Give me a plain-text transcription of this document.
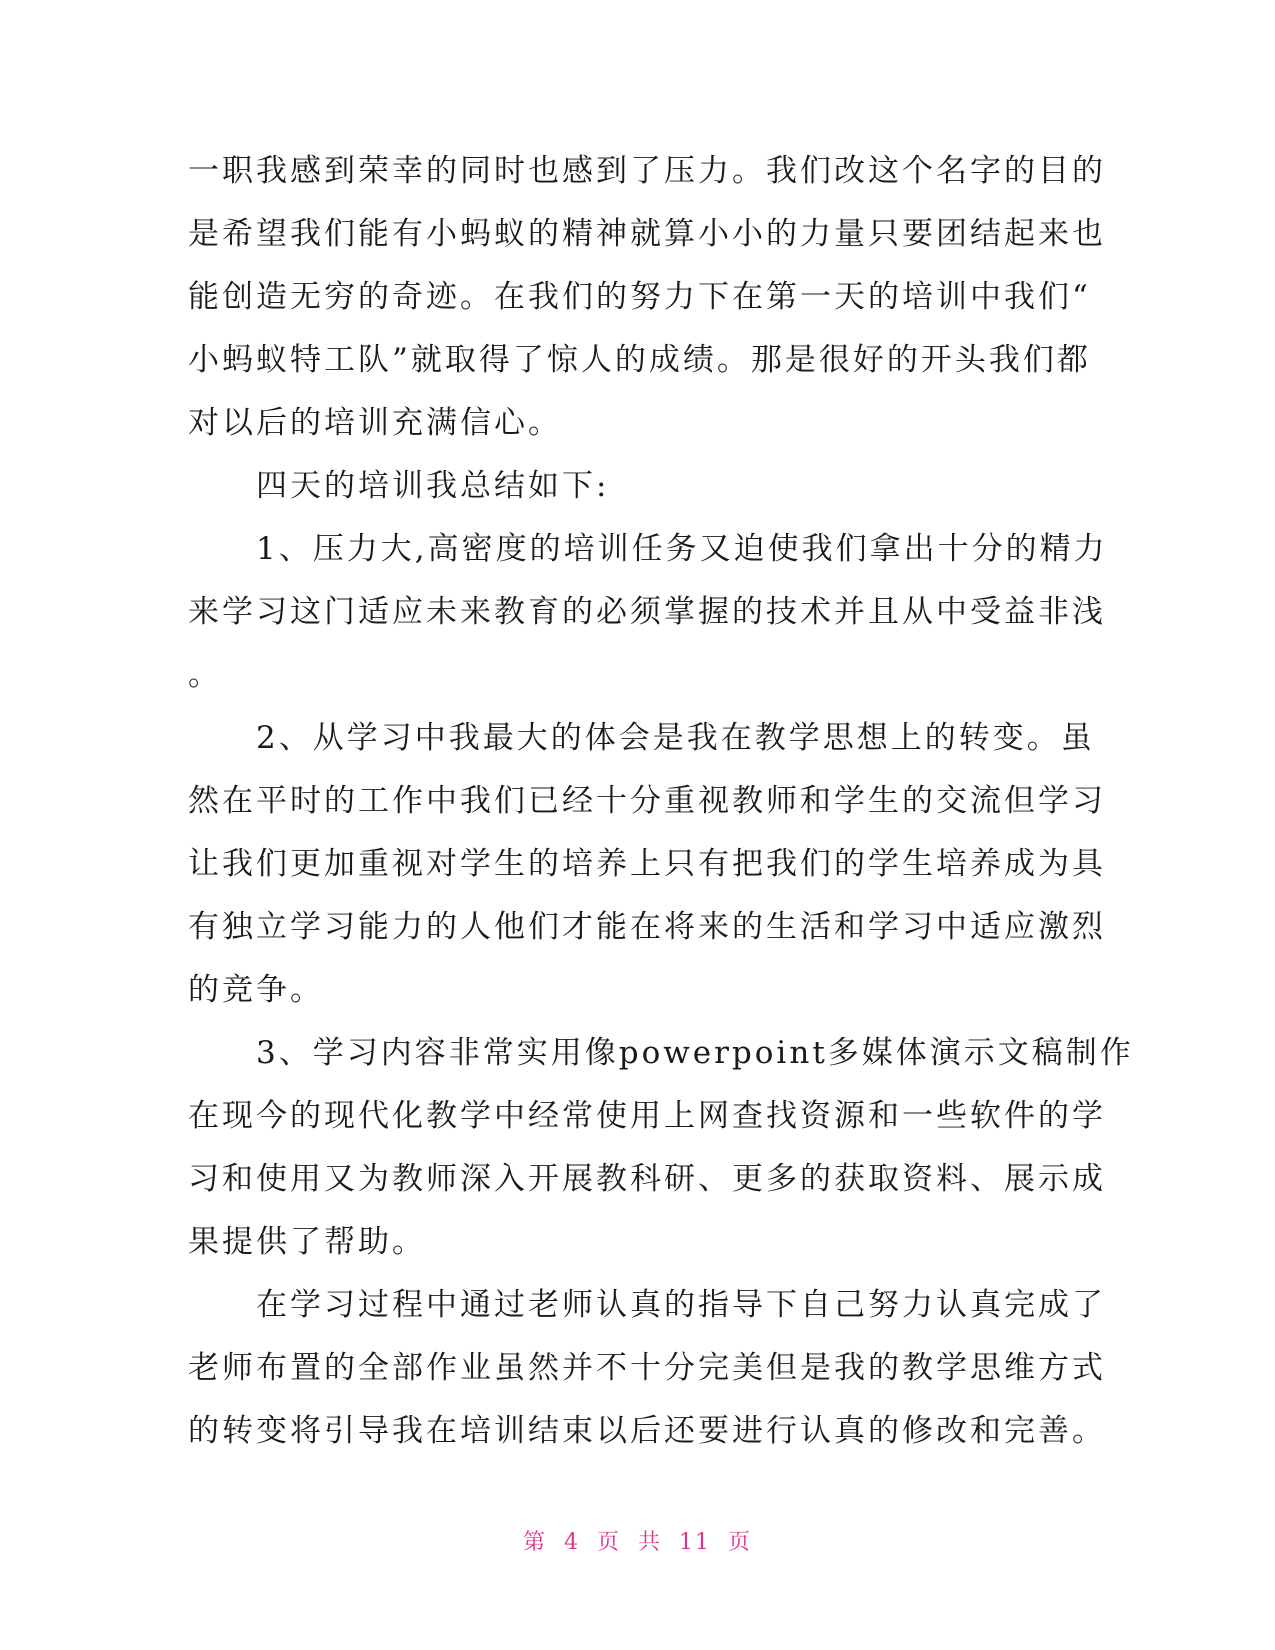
一职我感到荣幸的同时也感到了压力。我们改这个名字的目的
是希望我们能有小蚂蚁的精神就算小小的力量只要团结起来也
能创造无穷的奇迹。在我们的努力下在第一天的培训中我们“
小蚂蚁特工队”就取得了惊人的成绩。那是很好的开头我们都
对以后的培训充满信心。
　　四天的培训我总结如下:
　　1、压力大,高密度的培训任务又迫使我们拿出十分的精力
来学习这门适应未来教育的必须掌握的技术并且从中受益非浅
。
　　2、从学习中我最大的体会是我在教学思想上的转变。虽
然在平时的工作中我们已经十分重视教师和学生的交流但学习
让我们更加重视对学生的培养上只有把我们的学生培养成为具
有独立学习能力的人他们才能在将来的生活和学习中适应激烈
的竞争。
　　3、学习内容非常实用像powerpoint多媒体演示文稿制作
在现今的现代化教学中经常使用上网查找资源和一些软件的学
习和使用又为教师深入开展教科研、更多的获取资料、展示成
果提供了帮助。
　　在学习过程中通过老师认真的指导下自己努力认真完成了
老师布置的全部作业虽然并不十分完美但是我的教学思维方式
的转变将引导我在培训结束以后还要进行认真的修改和完善。
第 4 页 共 11 页
